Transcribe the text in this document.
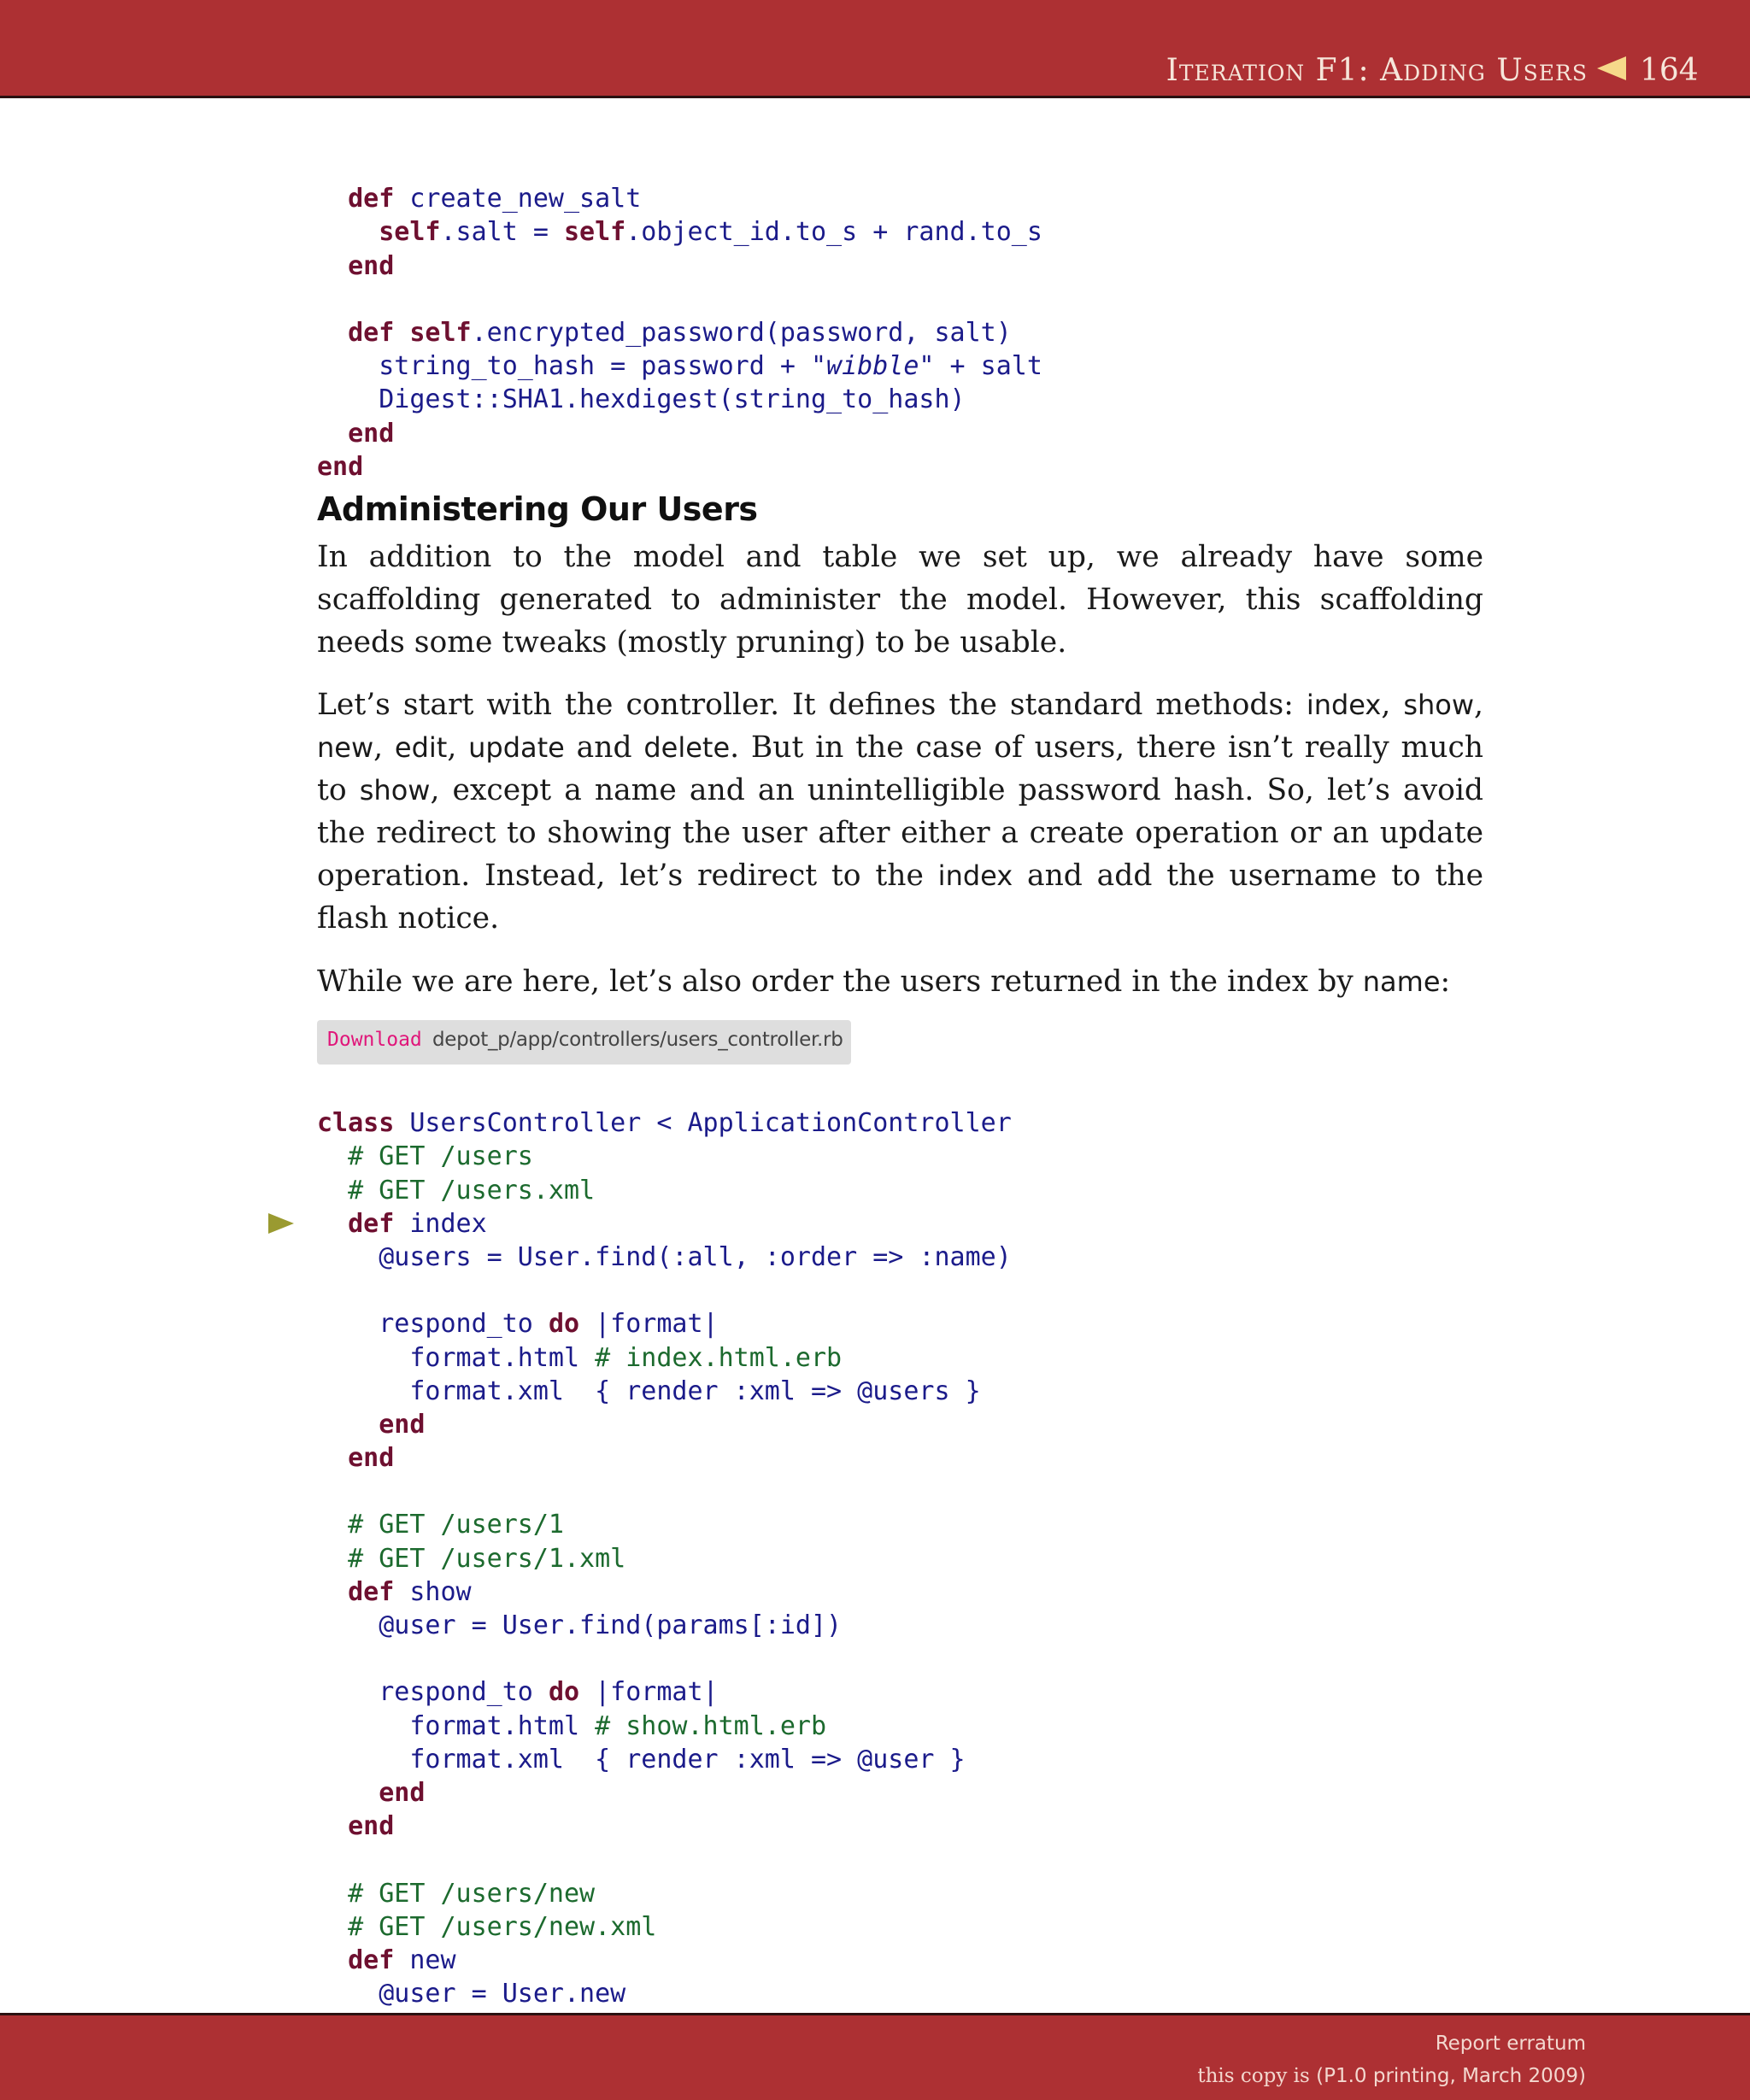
Iteration F1: Adding Users 164

def create_new_salt
self.salt = self.object_id.to_s + rand.to_s
end
def self.encrypted_password(password, salt)
string_to_hash = password + "wibble" + salt
Digest::SHA1.hexdigest(string_to_hash)
end
end

Administering Our Users

In addition to the model and table we set up, we already have some scaffolding generated to administer the model. However, this scaffolding needs some tweaks (mostly pruning) to be usable.

Let’s start with the controller. It defines the standard methods: index, show, new, edit, update and delete. But in the case of users, there isn’t really much to show, except a name and an unintelligible password hash. So, let’s avoid the redirect to showing the user after either a create operation or an update operation. Instead, let’s redirect to the index and add the username to the flash notice.

While we are here, let’s also order the users returned in the index by name:

Download depot_p/app/controllers/users_controller.rb

class UsersController < ApplicationController
# GET /users
# GET /users.xml
def index
@users = User.find(:all, :order => :name)
respond_to do |format|
format.html # index.html.erb
format.xml  { render :xml => @users }
end
end
# GET /users/1
# GET /users/1.xml
def show
@user = User.find(params[:id])
respond_to do |format|
format.html # show.html.erb
format.xml  { render :xml => @user }
end
end
# GET /users/new
# GET /users/new.xml
def new
@user = User.new

Report erratum
this copy is (P1.0 printing, March 2009)
